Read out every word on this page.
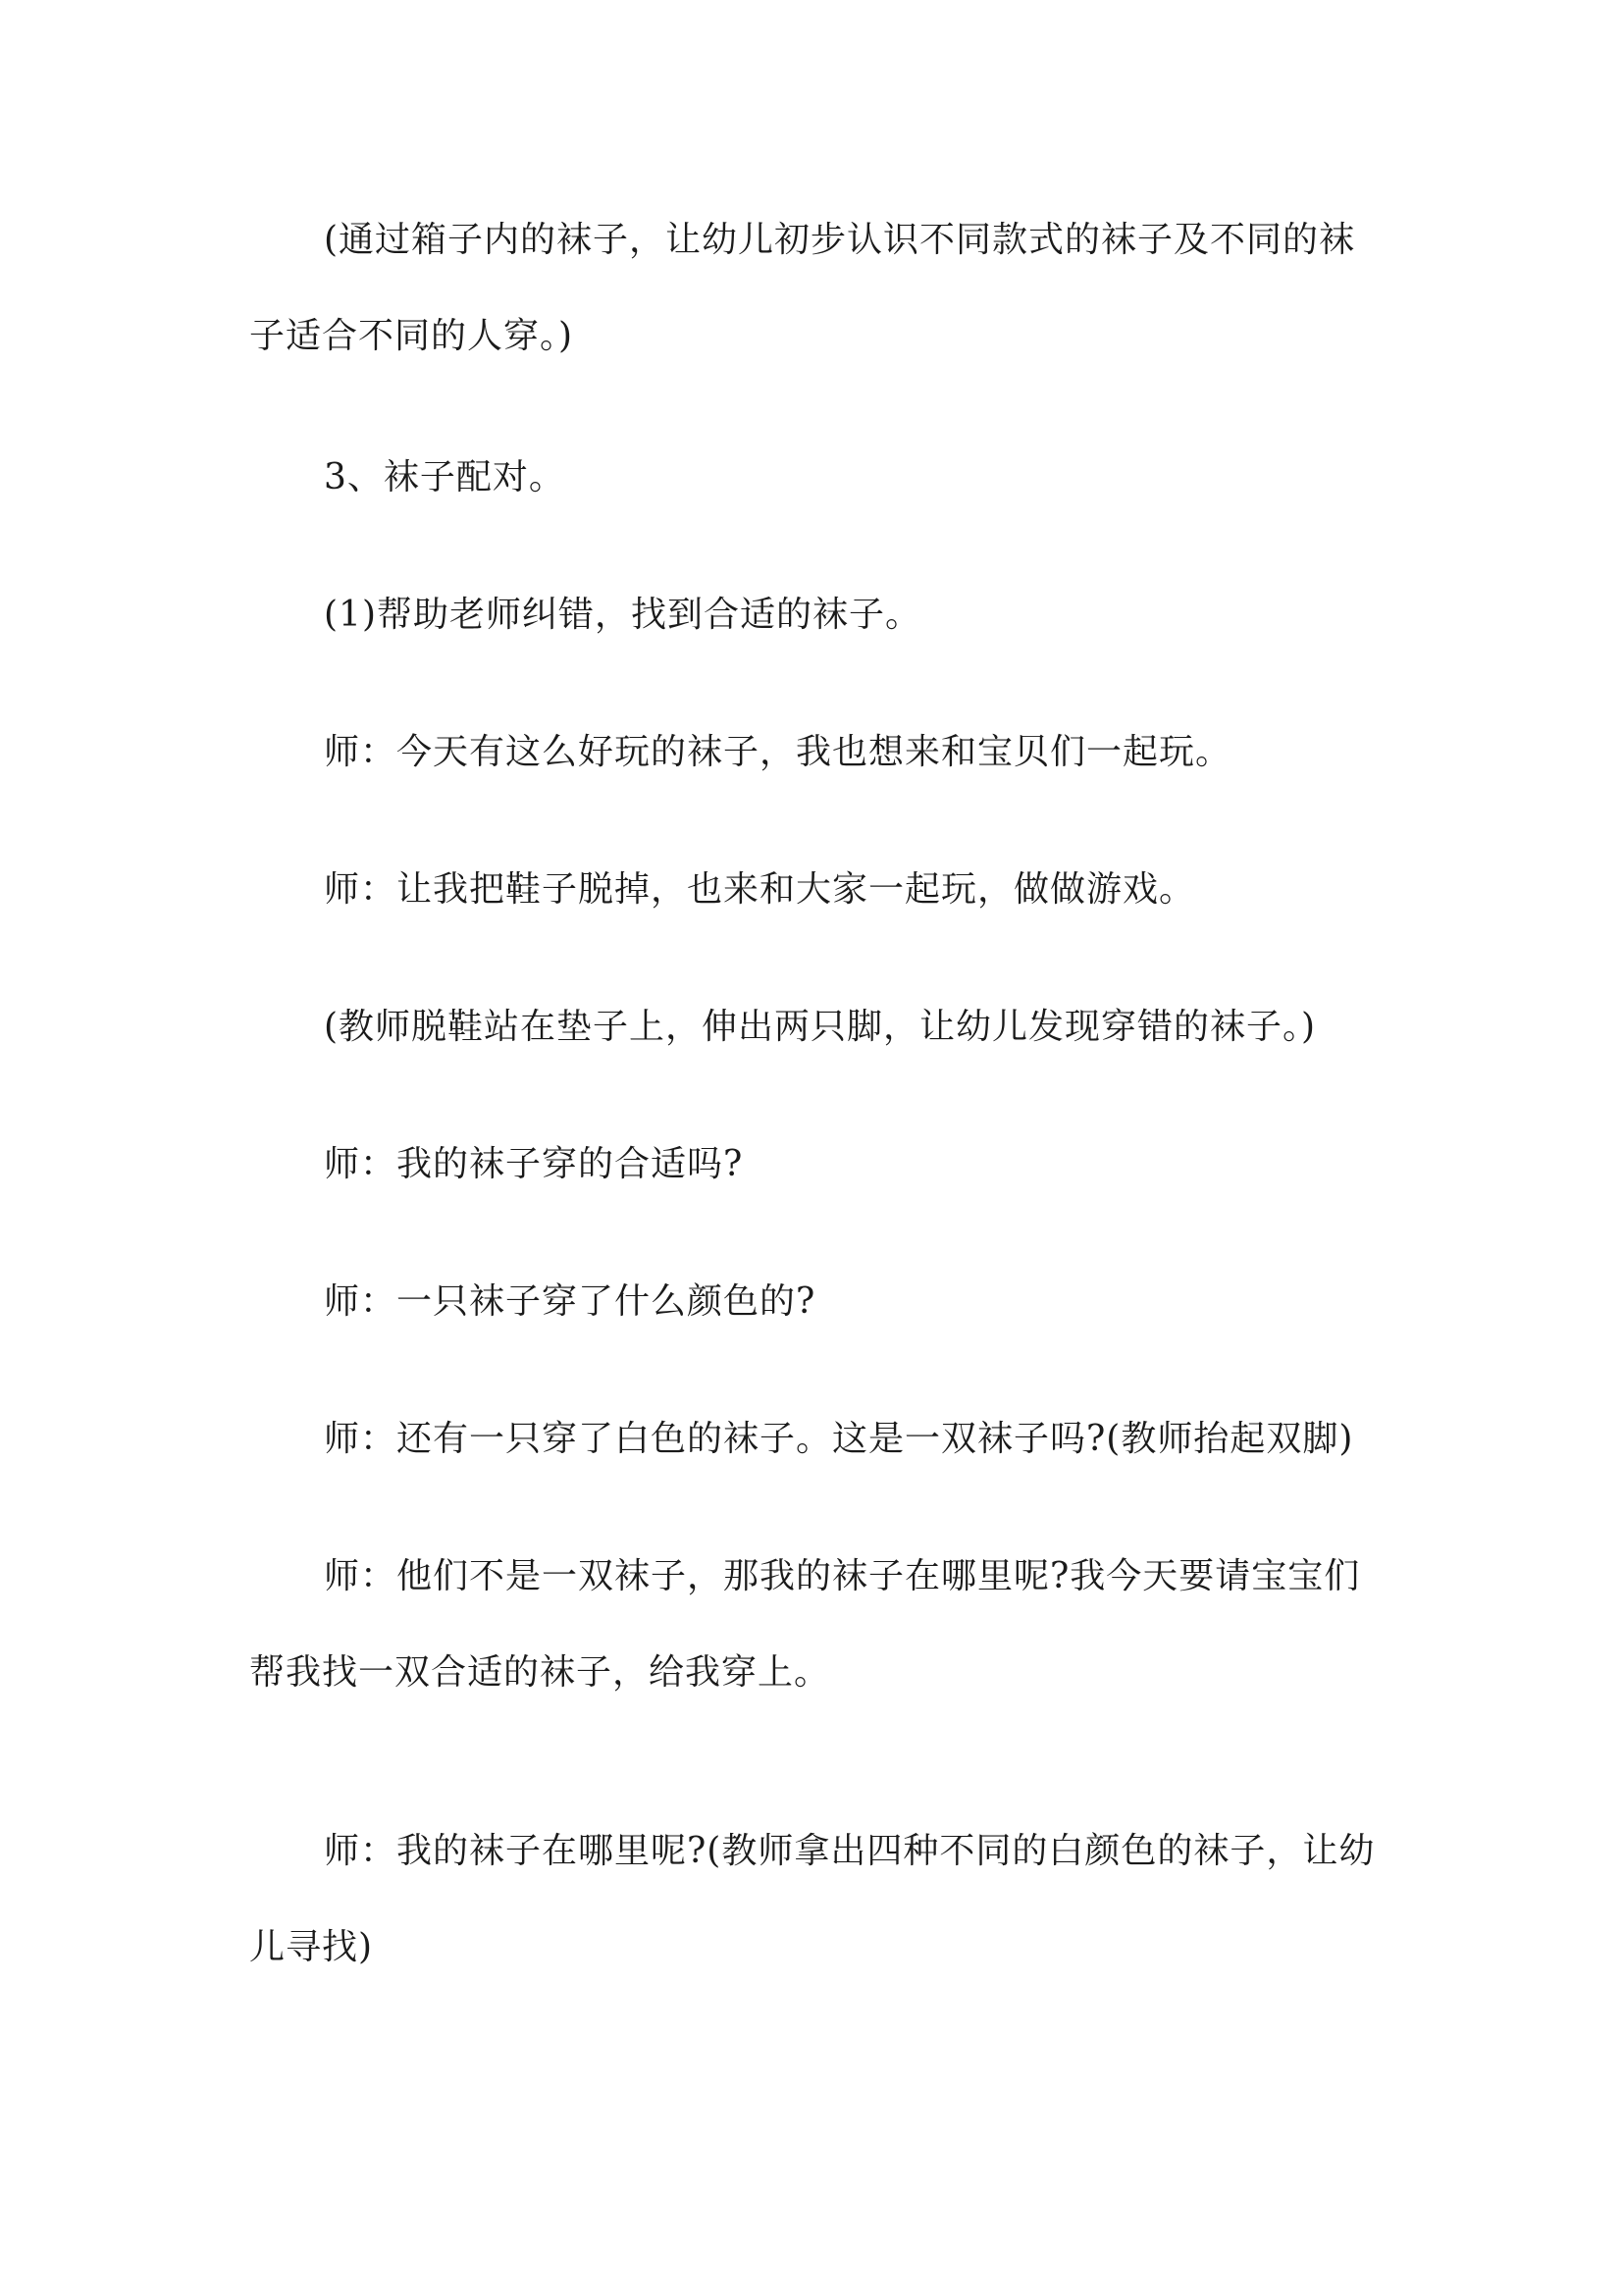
(通过箱子内的袜子，让幼儿初步认识不同款式的袜子及不同的袜子适合不同的人穿。)

3、袜子配对。

(1)帮助老师纠错，找到合适的袜子。

师：今天有这么好玩的袜子，我也想来和宝贝们一起玩。

师：让我把鞋子脱掉，也来和大家一起玩，做做游戏。

(教师脱鞋站在垫子上，伸出两只脚，让幼儿发现穿错的袜子。)

师：我的袜子穿的合适吗?

师：一只袜子穿了什么颜色的?

师：还有一只穿了白色的袜子。这是一双袜子吗?(教师抬起双脚)

师：他们不是一双袜子，那我的袜子在哪里呢?我今天要请宝宝们帮我找一双合适的袜子，给我穿上。

师：我的袜子在哪里呢?(教师拿出四种不同的白颜色的袜子，让幼儿寻找)
